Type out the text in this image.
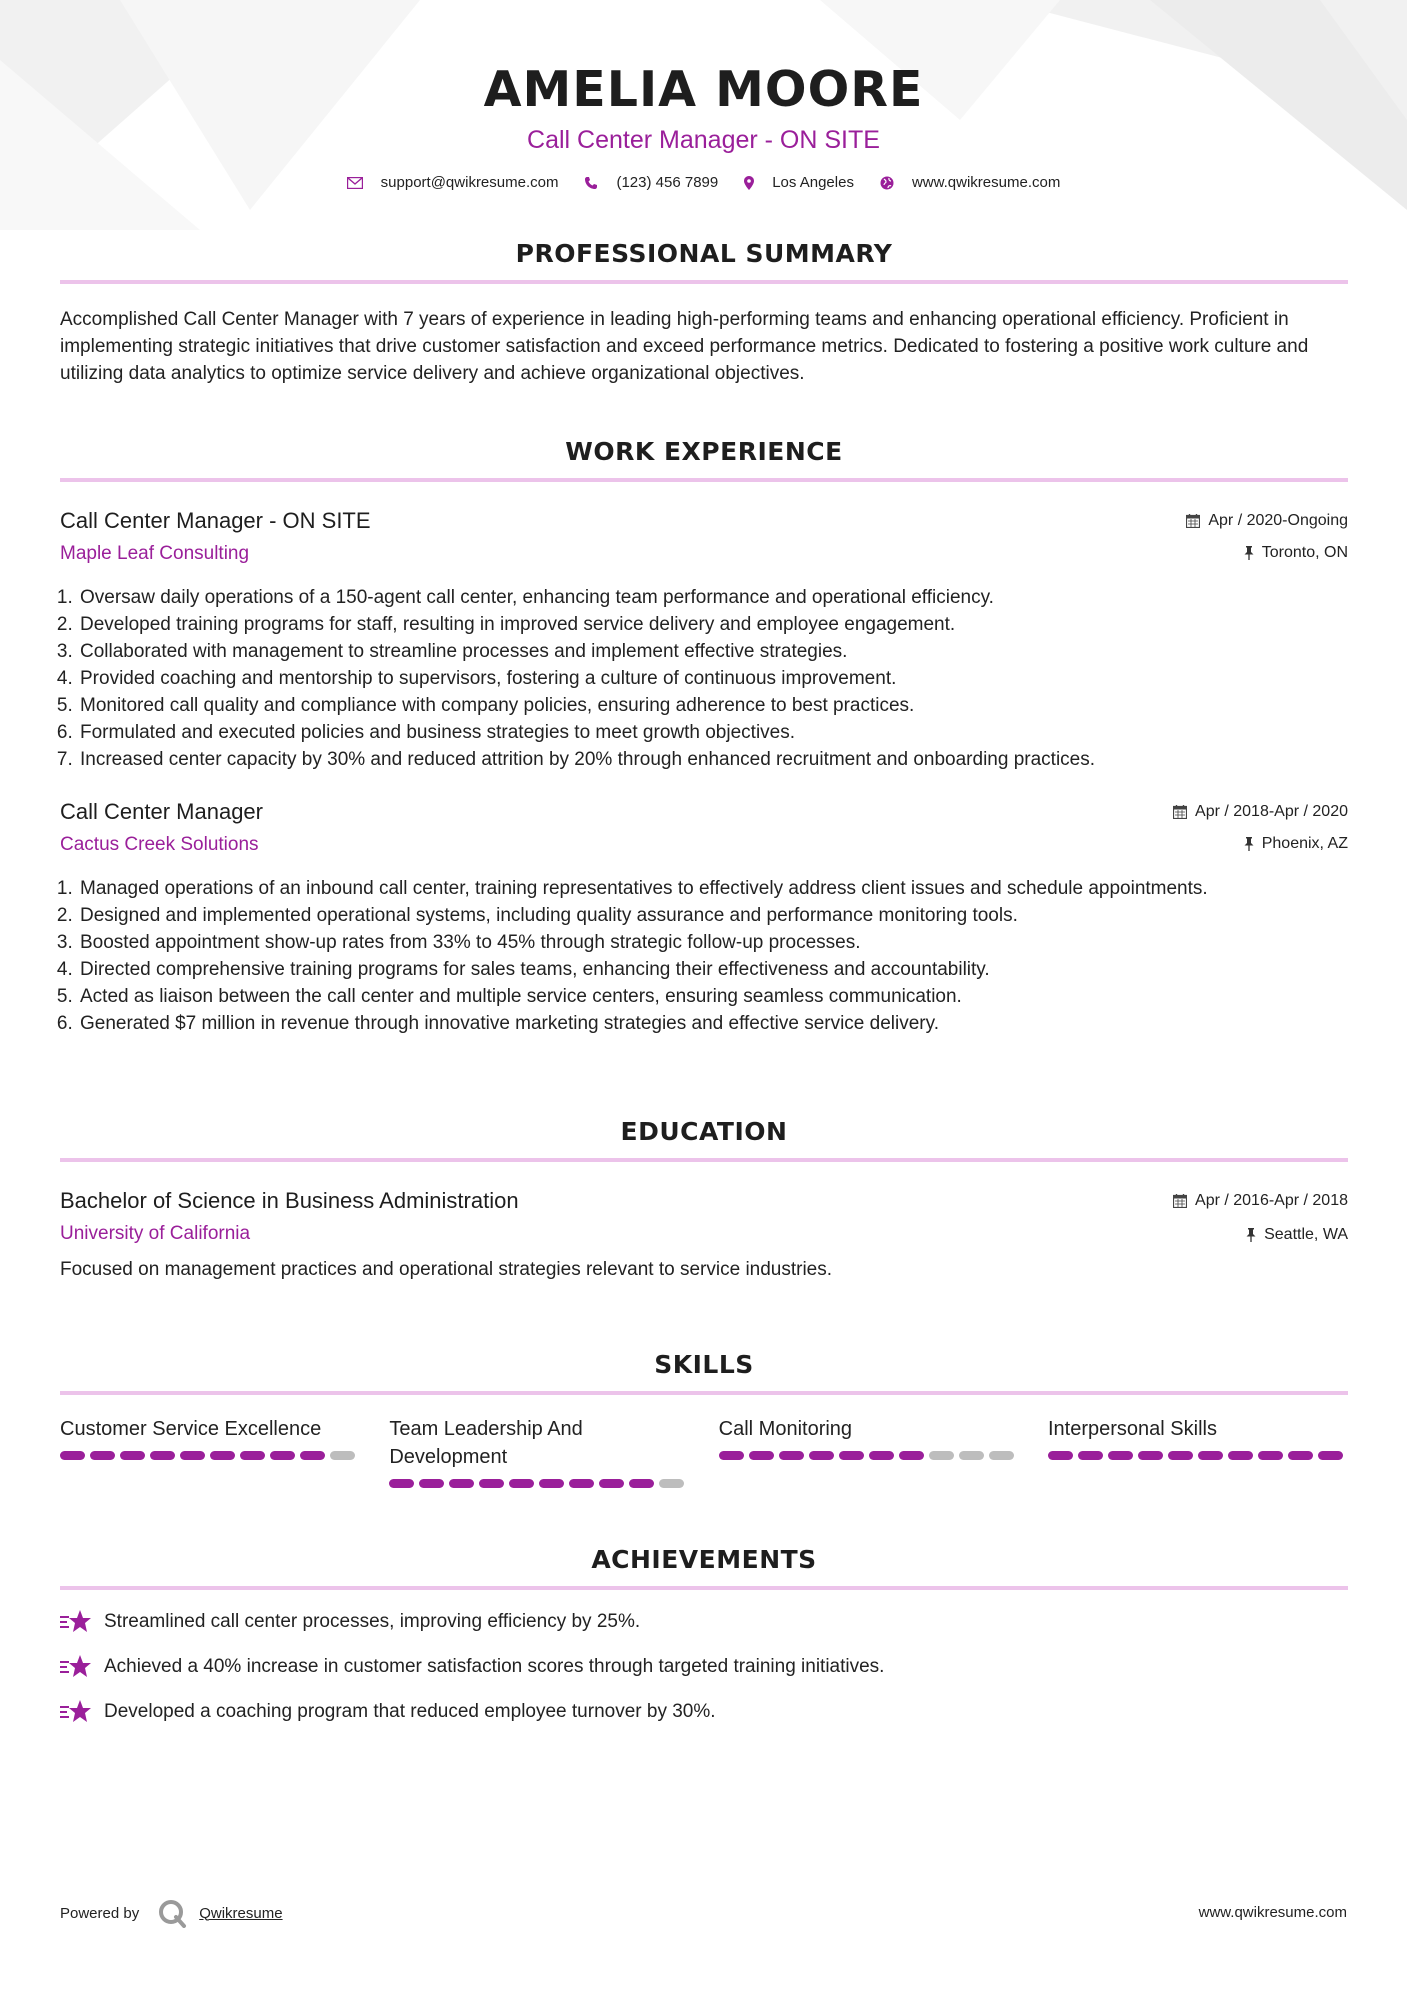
AMELIA MOORE
Call Center Manager - ON SITE
support@qwikresume.com	(123) 456 7899	Los Angeles	www.qwikresume.com
PROFESSIONAL SUMMARY
Accomplished Call Center Manager with 7 years of experience in leading high-performing teams and enhancing operational efficiency. Proficient in implementing strategic initiatives that drive customer satisfaction and exceed performance metrics. Dedicated to fostering a positive work culture and utilizing data analytics to optimize service delivery and achieve organizational objectives.
WORK EXPERIENCE
Call Center Manager - ON SITE
Maple Leaf Consulting
Apr / 2020-Ongoing
Toronto, ON
1. Oversaw daily operations of a 150-agent call center, enhancing team performance and operational efficiency.
2. Developed training programs for staff, resulting in improved service delivery and employee engagement.
3. Collaborated with management to streamline processes and implement effective strategies.
4. Provided coaching and mentorship to supervisors, fostering a culture of continuous improvement.
5. Monitored call quality and compliance with company policies, ensuring adherence to best practices.
6. Formulated and executed policies and business strategies to meet growth objectives.
7. Increased center capacity by 30% and reduced attrition by 20% through enhanced recruitment and onboarding practices.
Call Center Manager
Cactus Creek Solutions
Apr / 2018-Apr / 2020
Phoenix, AZ
1. Managed operations of an inbound call center, training representatives to effectively address client issues and schedule appointments.
2. Designed and implemented operational systems, including quality assurance and performance monitoring tools.
3. Boosted appointment show-up rates from 33% to 45% through strategic follow-up processes.
4. Directed comprehensive training programs for sales teams, enhancing their effectiveness and accountability.
5. Acted as liaison between the call center and multiple service centers, ensuring seamless communication.
6. Generated $7 million in revenue through innovative marketing strategies and effective service delivery.
EDUCATION
Bachelor of Science in Business Administration
University of California
Apr / 2016-Apr / 2018
Seattle, WA
Focused on management practices and operational strategies relevant to service industries.
SKILLS
Customer Service Excellence	Team Leadership And Development
Call Monitoring	Interpersonal Skills
ACHIEVEMENTS
Streamlined call center processes, improving efficiency by 25%.
Achieved a 40% increase in customer satisfaction scores through targeted training initiatives.
Developed a coaching program that reduced employee turnover by 30%.
Powered by	Qwikresume	www.qwikresume.com
